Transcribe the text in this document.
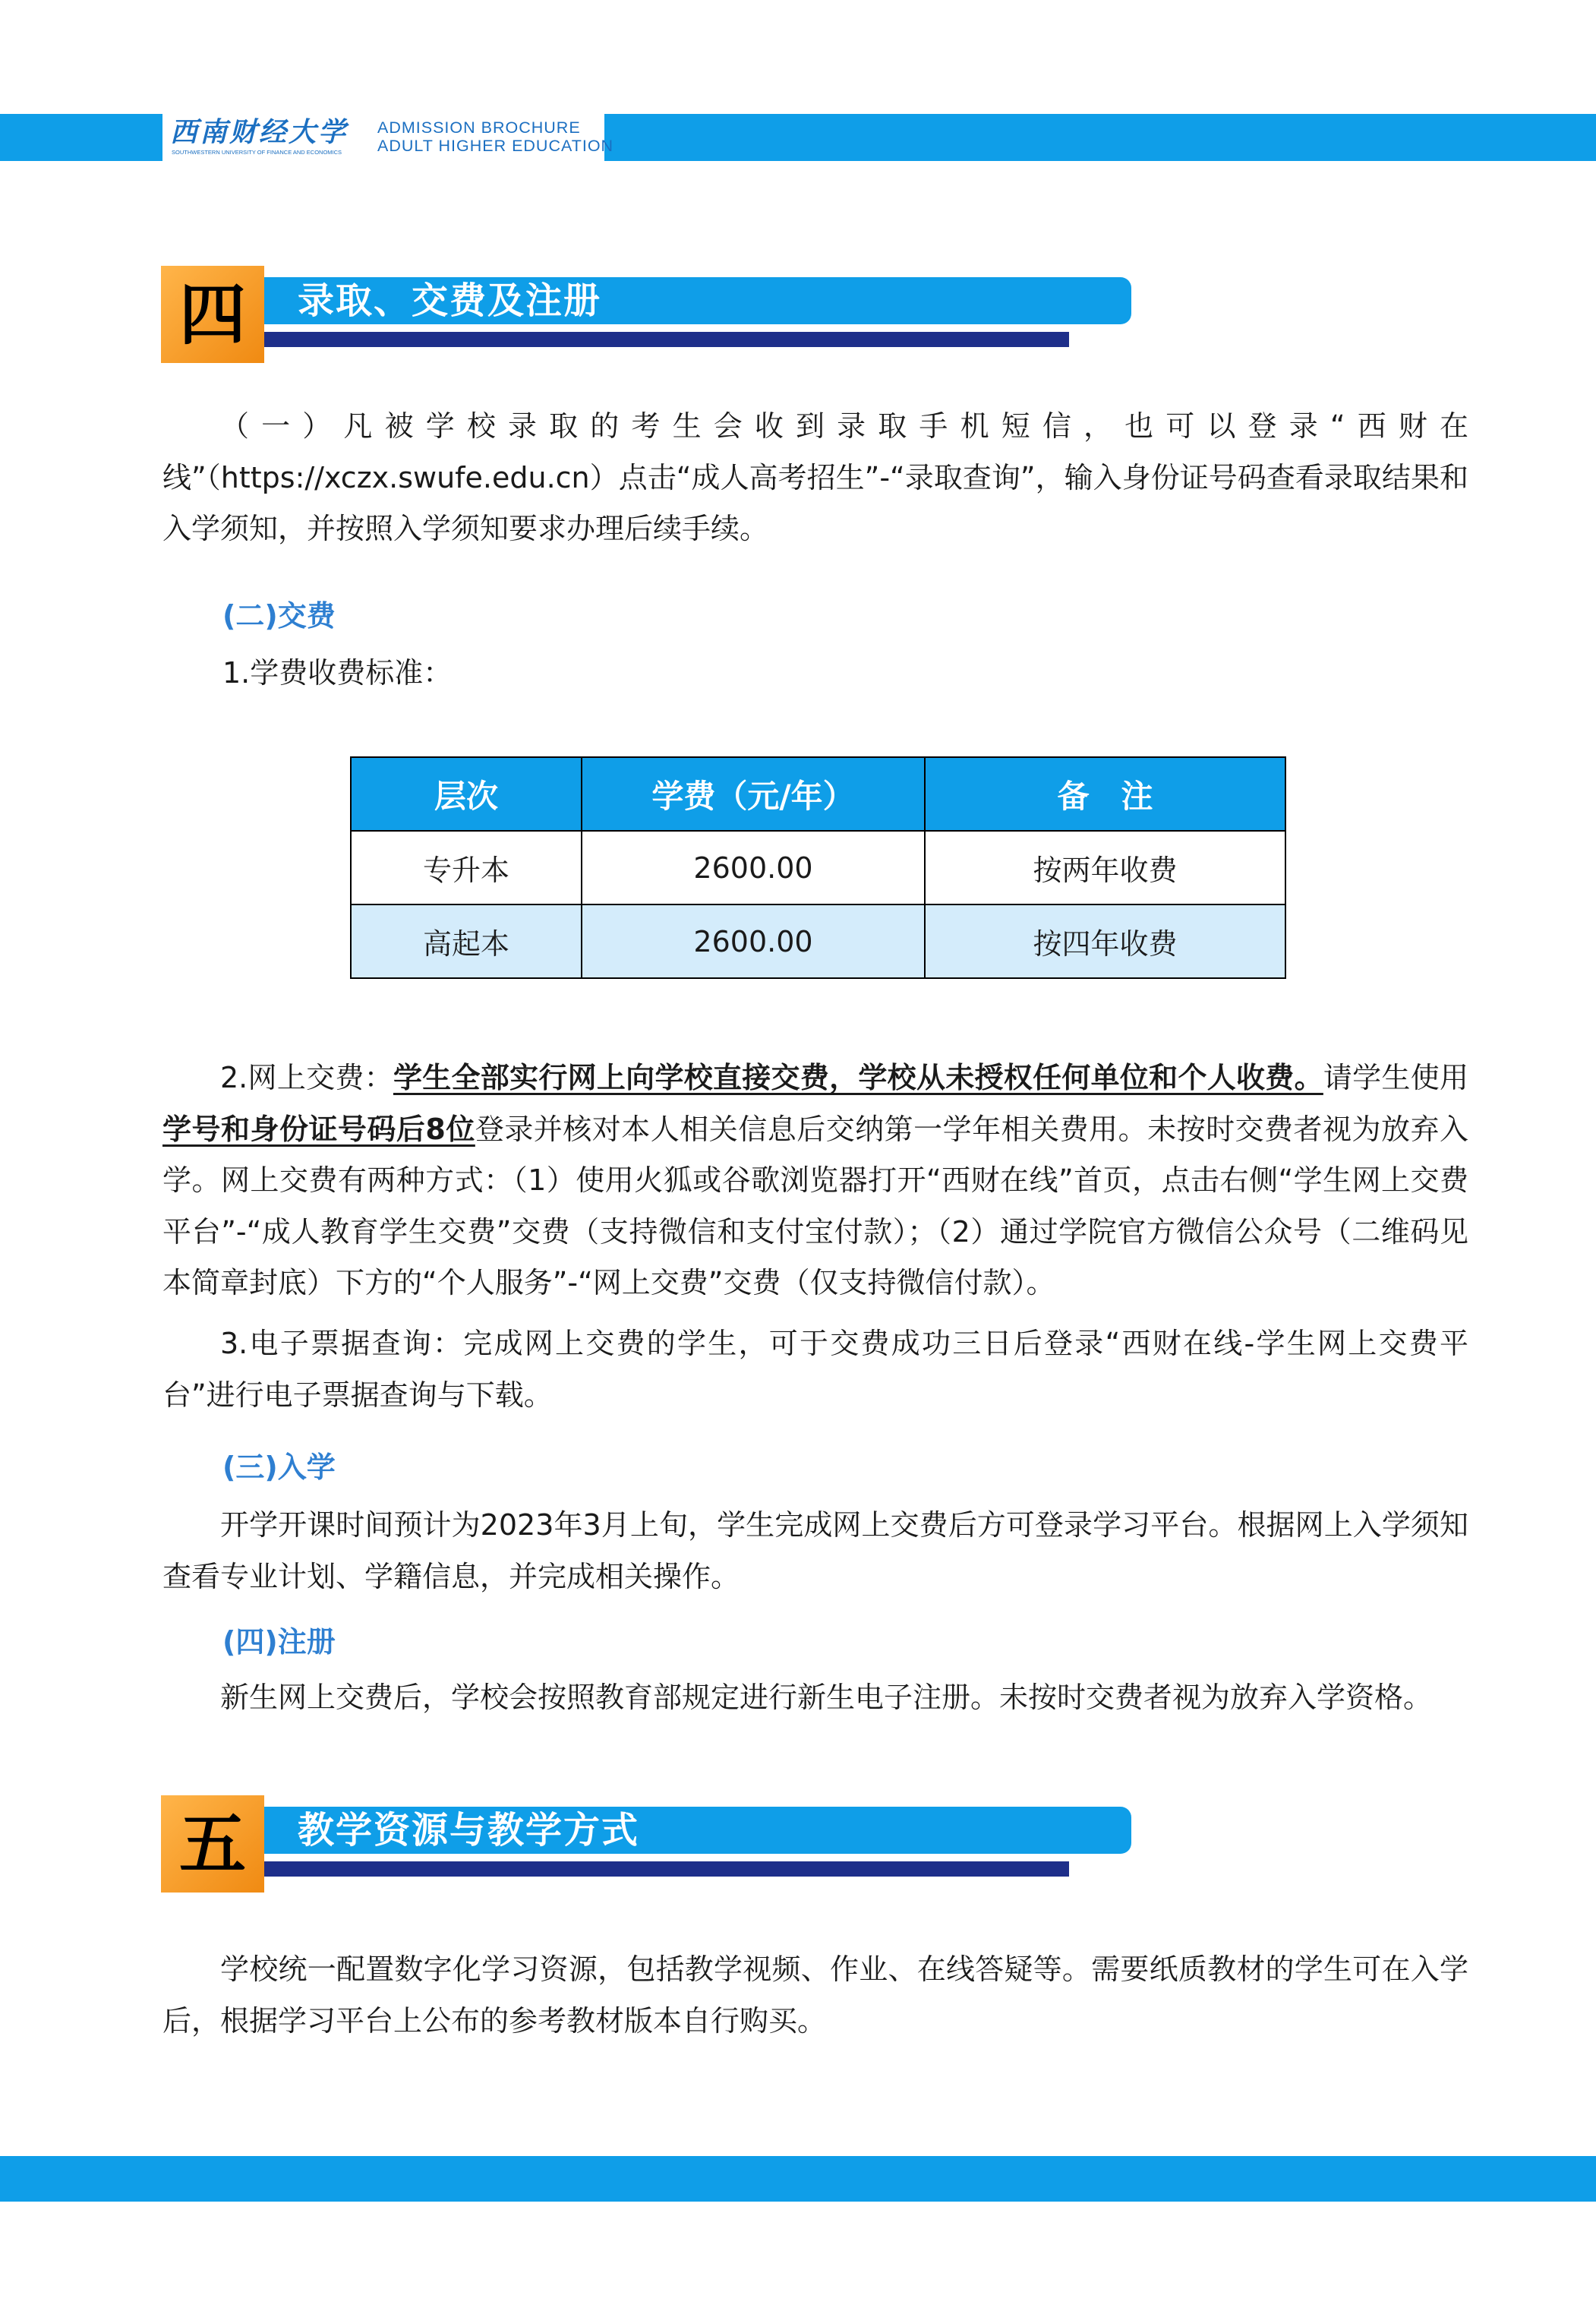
西南财经大学
SOUTHWESTERN UNIVERSITY OF FINANCE AND ECONOMICS
ADMISSION BROCHURE
ADULT HIGHER EDUCATION
四	录取、交费及注册

（一）凡被学校录取的考生会收到录取手机短信，也可以登录“西财在线”（https://xczx.swufe.edu.cn）点击“成人高考招生”-“录取查询”，输入身份证号码查看录取结果和入学须知，并按照入学须知要求办理后续手续。

(二)交费
1.学费收费标准：
层次	学费（元/年）	备　注
专升本	2600.00	按两年收费
高起本	2600.00	按四年收费

2.网上交费：学生全部实行网上向学校直接交费，学校从未授权任何单位和个人收费。请学生使用学号和身份证号码后8位登录并核对本人相关信息后交纳第一学年相关费用。未按时交费者视为放弃入学。网上交费有两种方式：（1）使用火狐或谷歌浏览器打开“西财在线”首页，点击右侧“学生网上交费平台”-“成人教育学生交费”交费（支持微信和支付宝付款）；（2）通过学院官方微信公众号（二维码见本简章封底）下方的“个人服务”-“网上交费”交费（仅支持微信付款）。

3.电子票据查询：完成网上交费的学生，可于交费成功三日后登录“西财在线-学生网上交费平台”进行电子票据查询与下载。

(三)入学

开学开课时间预计为2023年3月上旬，学生完成网上交费后方可登录学习平台。根据网上入学须知查看专业计划、学籍信息，并完成相关操作。

(四)注册

新生网上交费后，学校会按照教育部规定进行新生电子注册。未按时交费者视为放弃入学资格。

五	教学资源与教学方式

学校统一配置数字化学习资源，包括教学视频、作业、在线答疑等。需要纸质教材的学生可在入学后，根据学习平台上公布的参考教材版本自行购买。
